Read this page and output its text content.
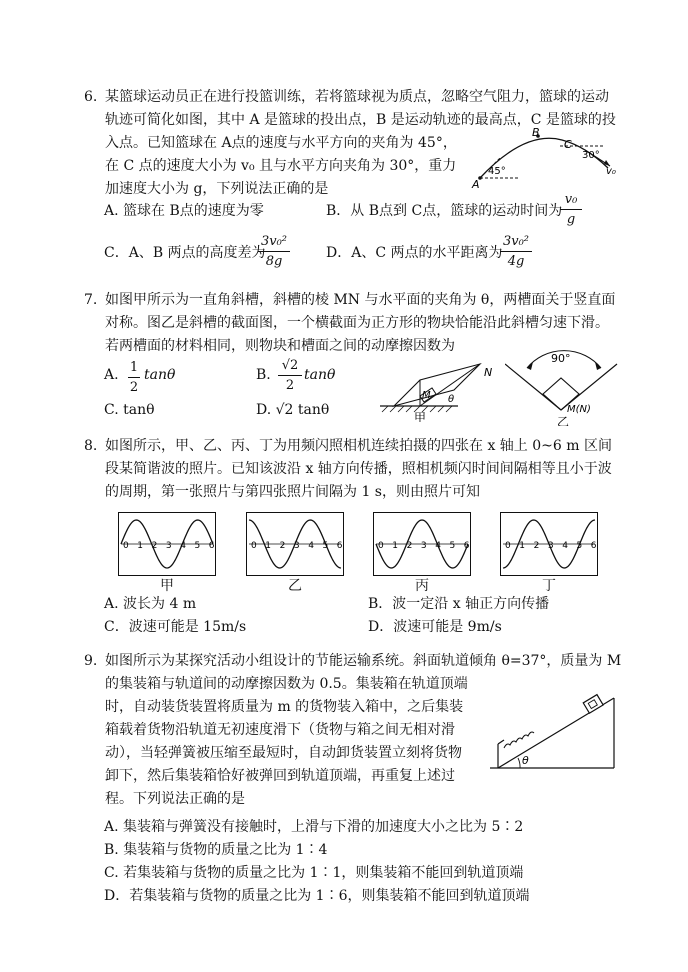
6. 某篮球运动员正在进行投篮训练，若将篮球视为质点，忽略空气阻力，篮球的运动
轨迹可简化如图，其中 A 是篮球的投出点，B 是运动轨迹的最高点，C 是篮球的投
入点。已知篮球在 A点的速度与水平方向的夹角为 45°，
在 C 点的速度大小为 v₀ 且与水平方向夹角为 30°，重力
加速度大小为 g，下列说法正确的是	A
B
C
45°
30°
v₀
A. 篮球在 B点的速度为零	B．从 B点到 C点，篮球的运动时间为
v₀
g
C．A、B 两点的高度差为
3v₀²
8g
D．A、C 两点的水平距离为
3v₀²
4g
7. 如图甲所示为一直角斜槽，斜槽的棱 MN 与水平面的夹角为 θ，两槽面关于竖直面
对称。图乙是斜槽的截面图，一个横截面为正方形的物块恰能沿此斜槽匀速下滑。
若两槽面的材料相同，则物块和槽面之间的动摩擦因数为
A. 1
2
tanθ	B.
√2
2
tanθ
C. tanθ	D. √2 tanθ
N
M θ
甲
90°
M(N)
乙
8. 如图所示，甲、乙、丙、丁为用频闪照相机连续拍摄的四张在 x 轴上 0~6 m 区间
段某简谐波的照片。已知该波沿 x 轴方向传播，照相机频闪时间间隔相等且小于波
的周期，第一张照片与第四张照片间隔为 1 s，则由照片可知
0 1 2 3 4 5 6
甲
0 1 2 3 4 5 6
乙
0 1 2 3 4 5 6
丙
0 1 2 3 4 5 6
丁
A. 波长为 4 m	B．波一定沿 x 轴正方向传播
C．波速可能是 15m/s	D．波速可能是 9m/s
9. 如图所示为某探究活动小组设计的节能运输系统。斜面轨道倾角 θ=37°，质量为 M
的集装箱与轨道间的动摩擦因数为 0.5。集装箱在轨道顶端
时，自动装货装置将质量为 m 的货物装入箱中，之后集装
箱载着货物沿轨道无初速度滑下（货物与箱之间无相对滑
动），当轻弹簧被压缩至最短时，自动卸货装置立刻将货物
卸下，然后集装箱恰好被弹回到轨道顶端，再重复上述过
程。下列说法正确的是
θ
A. 集装箱与弹簧没有接触时，上滑与下滑的加速度大小之比为 5∶2
B. 集装箱与货物的质量之比为 1∶4
C. 若集装箱与货物的质量之比为 1∶1，则集装箱不能回到轨道顶端
D．若集装箱与货物的质量之比为 1∶6，则集装箱不能回到轨道顶端
